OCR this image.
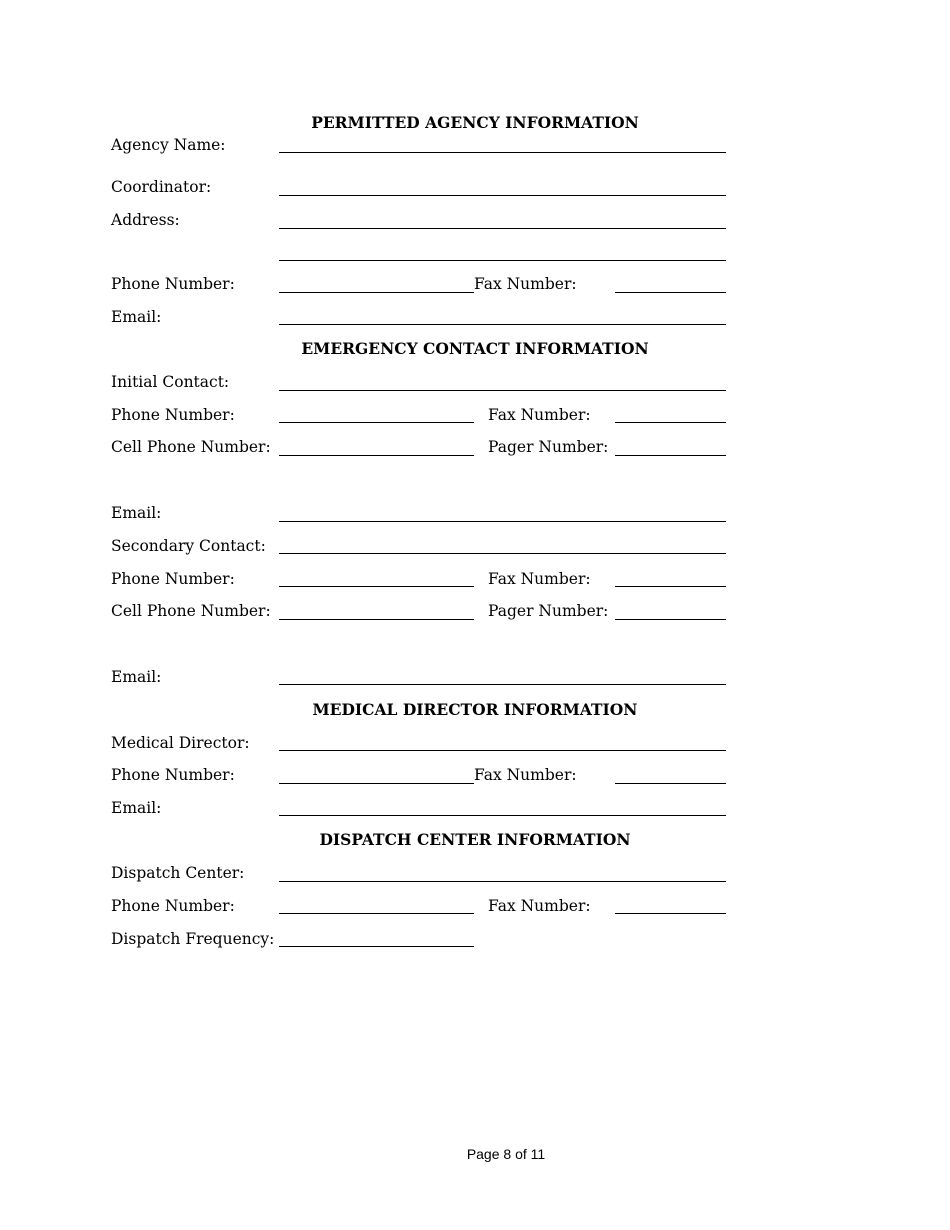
PERMITTED AGENCY INFORMATION
Agency Name:
Coordinator:
Address:
Phone Number:	Fax Number:
Email:
EMERGENCY CONTACT INFORMATION
Initial Contact:
Phone Number:	Fax Number:
Cell Phone Number:	Pager Number:
Email:
Secondary Contact:
Phone Number:	Fax Number:
Cell Phone Number:	Pager Number:
Email:
MEDICAL DIRECTOR INFORMATION
Medical Director:
Phone Number:	Fax Number:
Email:
DISPATCH CENTER INFORMATION
Dispatch Center:
Phone Number:	Fax Number:
Dispatch Frequency:
Page 8 of 11
